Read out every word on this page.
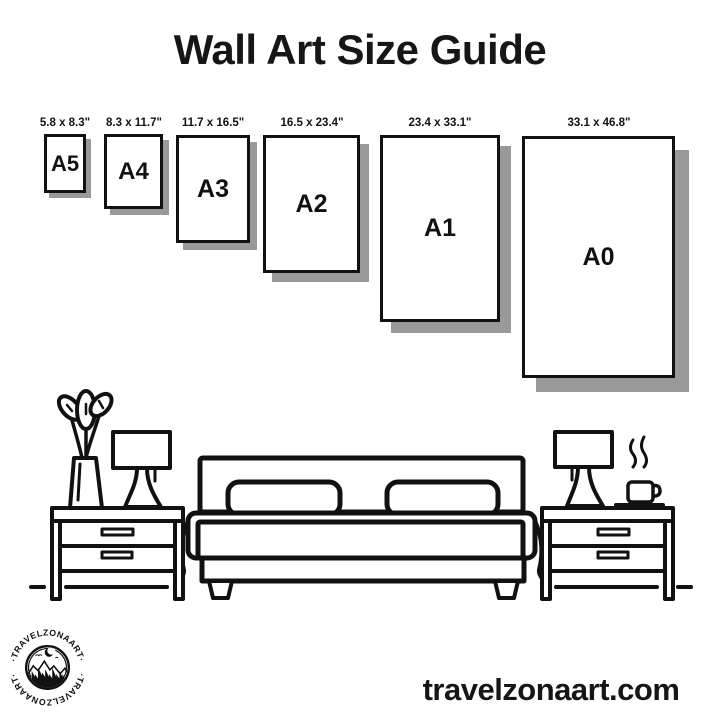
Wall Art Size Guide
5.8 x 8.3" 8.3 x 11.7" 11.7 x 16.5"	16.5 x 23.4"	23.4 x 33.1"	33.1 x 46.8"
A5 A4
A3
A2
A1
A0
·TRAVELZONAART·
·TRAVELZONAART·	travelzonaart.com
